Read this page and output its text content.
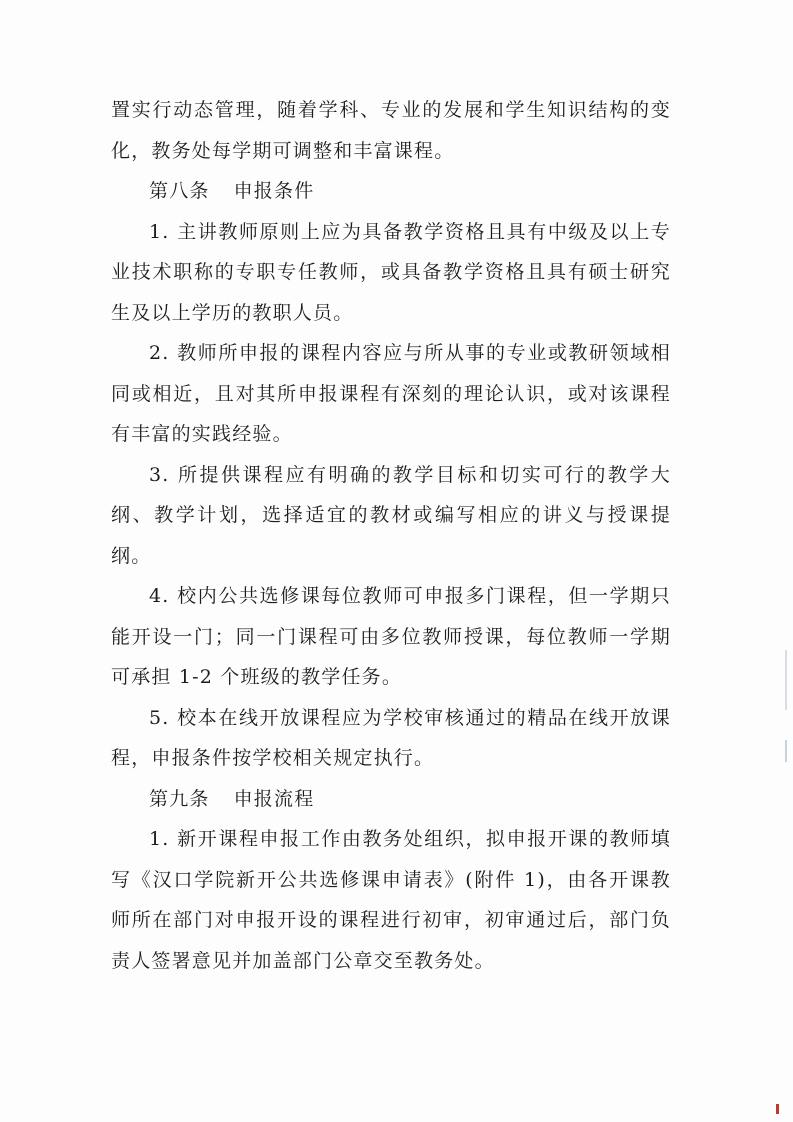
置实行动态管理，随着学科、专业的发展和学生知识结构的变化，教务处每学期可调整和丰富课程。

第八条 申报条件

1. 主讲教师原则上应为具备教学资格且具有中级及以上专业技术职称的专职专任教师，或具备教学资格且具有硕士研究生及以上学历的教职人员。

2. 教师所申报的课程内容应与所从事的专业或教研领域相同或相近，且对其所申报课程有深刻的理论认识，或对该课程有丰富的实践经验。

3. 所提供课程应有明确的教学目标和切实可行的教学大纲、教学计划，选择适宜的教材或编写相应的讲义与授课提纲。

4. 校内公共选修课每位教师可申报多门课程，但一学期只能开设一门；同一门课程可由多位教师授课，每位教师一学期可承担 1-2 个班级的教学任务。

5. 校本在线开放课程应为学校审核通过的精品在线开放课程，申报条件按学校相关规定执行。

第九条 申报流程

1. 新开课程申报工作由教务处组织，拟申报开课的教师填写《汉口学院新开公共选修课申请表》(附件 1)，由各开课教师所在部门对申报开设的课程进行初审，初审通过后，部门负责人签署意见并加盖部门公章交至教务处。
